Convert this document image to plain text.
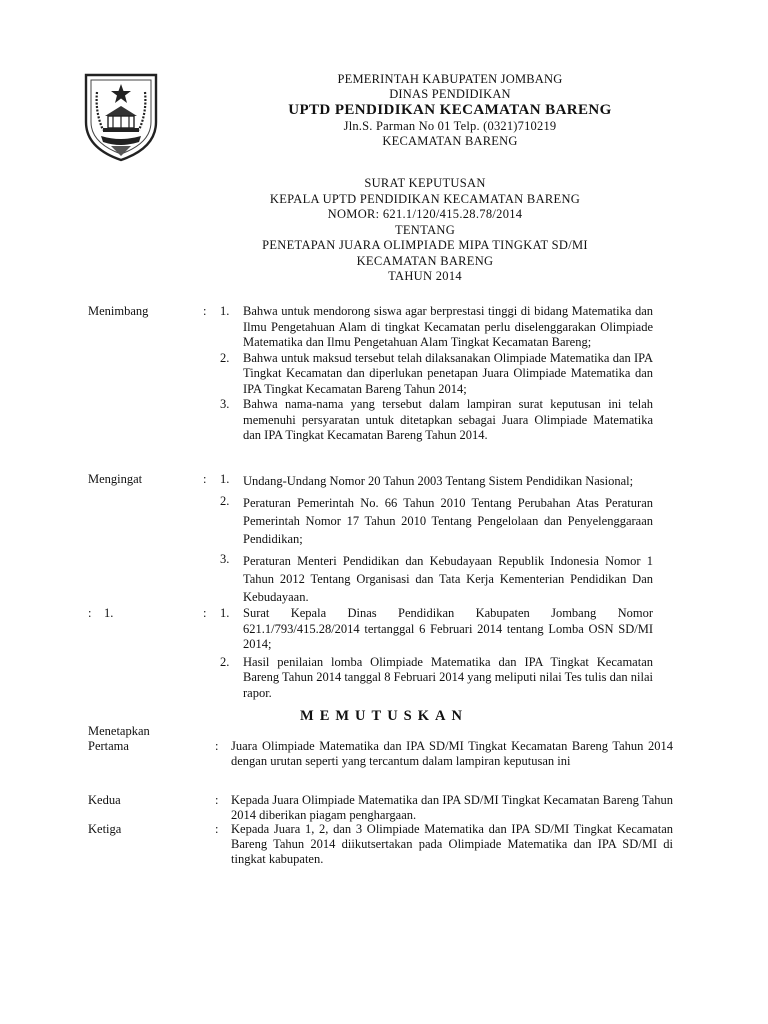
PEMERINTAH KABUPATEN JOMBANG
DINAS PENDIDIKAN
UPTD PENDIDIKAN KECAMATAN BARENG
Jln.S. Parman No 01 Telp. (0321)710219
KECAMATAN BARENG
SURAT KEPUTUSAN
KEPALA UPTD PENDIDIKAN KECAMATAN BARENG
NOMOR: 621.1/120/415.28.78/2014
TENTANG
PENETAPAN JUARA OLIMPIADE MIPA TINGKAT SD/MI
KECAMATAN BARENG
TAHUN 2014
Menimbang	: 1. Bahwa untuk mendorong siswa agar berprestasi tinggi di bidang Matematika dan Ilmu Pengetahuan Alam di tingkat Kecamatan perlu diselenggarakan Olimpiade Matematika dan Ilmu Pengetahuan Alam Tingkat Kecamatan Bareng;
2. Bahwa untuk maksud tersebut telah dilaksanakan Olimpiade Matematika dan IPA Tingkat Kecamatan dan diperlukan penetapan Juara Olimpiade Matematika dan IPA Tingkat Kecamatan Bareng Tahun 2014;
3. Bahwa nama-nama yang tersebut dalam lampiran surat keputusan ini telah memenuhi persyaratan untuk ditetapkan sebagai Juara Olimpiade Matematika dan IPA Tingkat Kecamatan Bareng Tahun 2014.
Mengingat	: 1. Undang-Undang Nomor 20 Tahun 2003 Tentang Sistem Pendidikan Nasional;
2. Peraturan Pemerintah No. 66 Tahun 2010 Tentang Perubahan Atas Peraturan Pemerintah Nomor 17 Tahun 2010 Tentang Pengelolaan dan Penyelenggaraan Pendidikan;
3. Peraturan Menteri Pendidikan dan Kebudayaan Republik Indonesia Nomor 1 Tahun 2012 Tentang Organisasi dan Tata Kerja Kementerian Pendidikan Dan Kebudayaan.
:    1.	: 1. Surat Kepala Dinas Pendidikan Kabupaten Jombang Nomor 621.1/793/415.28/2014 tertanggal 6 Februari 2014 tentang Lomba OSN SD/MI 2014;
2. Hasil penilaian lomba Olimpiade Matematika dan IPA Tingkat Kecamatan Bareng Tahun 2014 tanggal 8 Februari 2014 yang meliputi nilai Tes tulis dan nilai rapor.
MEMUTUSKAN
Menetapkan
Pertama	: Juara Olimpiade Matematika dan IPA SD/MI Tingkat Kecamatan Bareng Tahun 2014 dengan urutan seperti yang tercantum dalam lampiran keputusan ini
Kedua	: Kepada Juara Olimpiade Matematika dan IPA SD/MI Tingkat Kecamatan Bareng Tahun 2014 diberikan piagam penghargaan.
Ketiga	: Kepada Juara 1, 2, dan 3 Olimpiade Matematika dan IPA SD/MI Tingkat Kecamatan Bareng Tahun 2014 diikutsertakan pada Olimpiade Matematika dan IPA SD/MI di tingkat kabupaten.
